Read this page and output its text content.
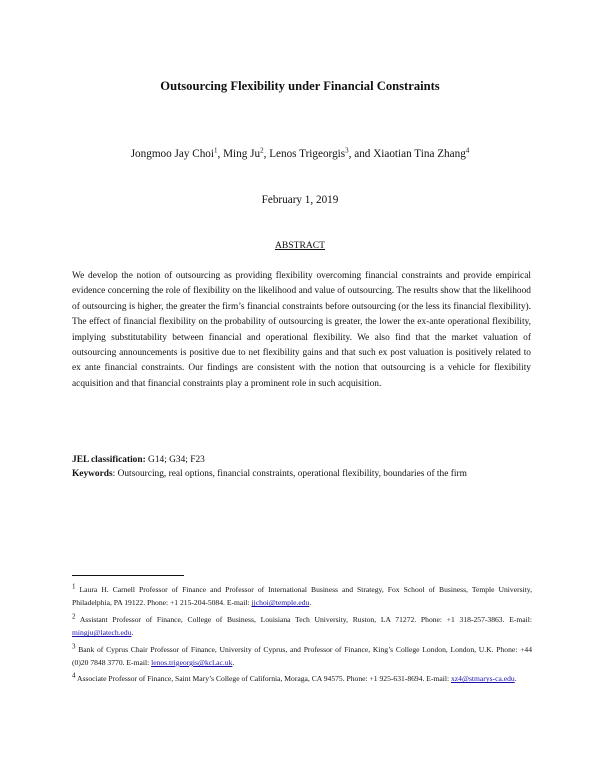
Outsourcing Flexibility under Financial Constraints
Jongmoo Jay Choi$^1$, Ming Ju$^2$, Lenos Trigeorgis$^3$, and Xiaotian Tina Zhang$^4$
February 1, 2019
ABSTRACT
We develop the notion of outsourcing as providing flexibility overcoming financial constraints and provide empirical evidence concerning the role of flexibility on the likelihood and value of outsourcing. The results show that the likelihood of outsourcing is higher, the greater the firm’s financial constraints before outsourcing (or the less its financial flexibility). The effect of financial flexibility on the probability of outsourcing is greater, the lower the ex-ante operational flexibility, implying substitutability between financial and operational flexibility. We also find that the market valuation of outsourcing announcements is positive due to net flexibility gains and that such ex post valuation is positively related to ex ante financial constraints. Our findings are consistent with the notion that outsourcing is a vehicle for flexibility acquisition and that financial constraints play a prominent role in such acquisition.
JEL classification: G14; G34; F23
Keywords: Outsourcing, real options, financial constraints, operational flexibility, boundaries of the firm
$^1$ Laura H. Carnell Professor of Finance and Professor of International Business and Strategy, Fox School of Business, Temple University, Philadelphia, PA 19122. Phone: +1 215-204-5084. E-mail: jjchoi@temple.edu.
$^2$ Assistant Professor of Finance, College of Business, Louisiana Tech University, Ruston, LA 71272. Phone: +1 318-257-3863. E-mail: mingju@latech.edu.
$^3$ Bank of Cyprus Chair Professor of Finance, University of Cyprus, and Professor of Finance, King’s College London, London, U.K. Phone: +44 (0)20 7848 3770. E-mail: lenos.trigeorgis@kcl.ac.uk.
$^4$ Associate Professor of Finance, Saint Mary’s College of California, Moraga, CA 94575. Phone: +1 925-631-8694. E-mail: xz4@stmarys-ca.edu.
